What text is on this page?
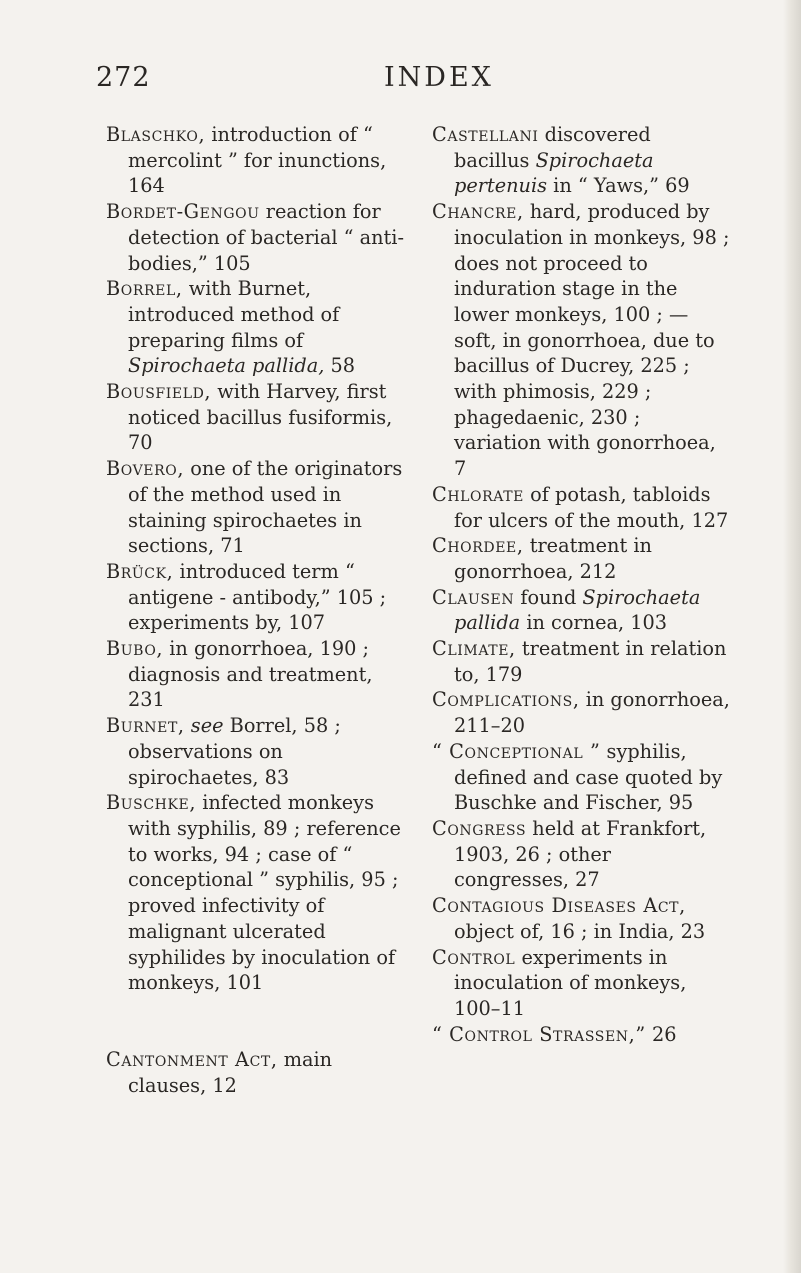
272	INDEX

Blaschko, introduction of “ mercolint ” for inunctions, 164

Bordet-Gengou reaction for detection of bacterial “ anti-bodies,” 105

Borrel, with Burnet, introduced method of preparing films of Spirochaeta pallida, 58

Bousfield, with Harvey, first noticed bacillus fusiformis, 70

Bovero, one of the originators of the method used in staining spirochaetes in sections, 71

Brück, introduced term “ antigene - antibody,” 105 ; experiments by, 107

Bubo, in gonorrhoea, 190 ; diagnosis and treatment, 231

Burnet, see Borrel, 58 ; observations on spirochaetes, 83

Buschke, infected monkeys with syphilis, 89 ; reference to works, 94 ; case of “ conceptional ” syphilis, 95 ; proved infectivity of malignant ulcerated syphilides by inoculation of monkeys, 101

Cantonment Act, main clauses, 12

Castellani discovered bacillus Spirochaeta pertenuis in “ Yaws,” 69

Chancre, hard, produced by inoculation in monkeys, 98 ; does not proceed to induration stage in the lower monkeys, 100 ; — soft, in gonorrhoea, due to bacillus of Ducrey, 225 ; with phimosis, 229 ; phagedaenic, 230 ; variation with gonorrhoea, 7

Chlorate of potash, tabloids for ulcers of the mouth, 127

Chordee, treatment in gonorrhoea, 212

Clausen found Spirochaeta pallida in cornea, 103

Climate, treatment in relation to, 179

Complications, in gonorrhoea, 211–20

“ Conceptional ” syphilis, defined and case quoted by Buschke and Fischer, 95

Congress held at Frankfort, 1903, 26 ; other congresses, 27

Contagious Diseases Act, object of, 16 ; in India, 23

Control experiments in inoculation of monkeys, 100–11

“ Control Strassen,” 26
